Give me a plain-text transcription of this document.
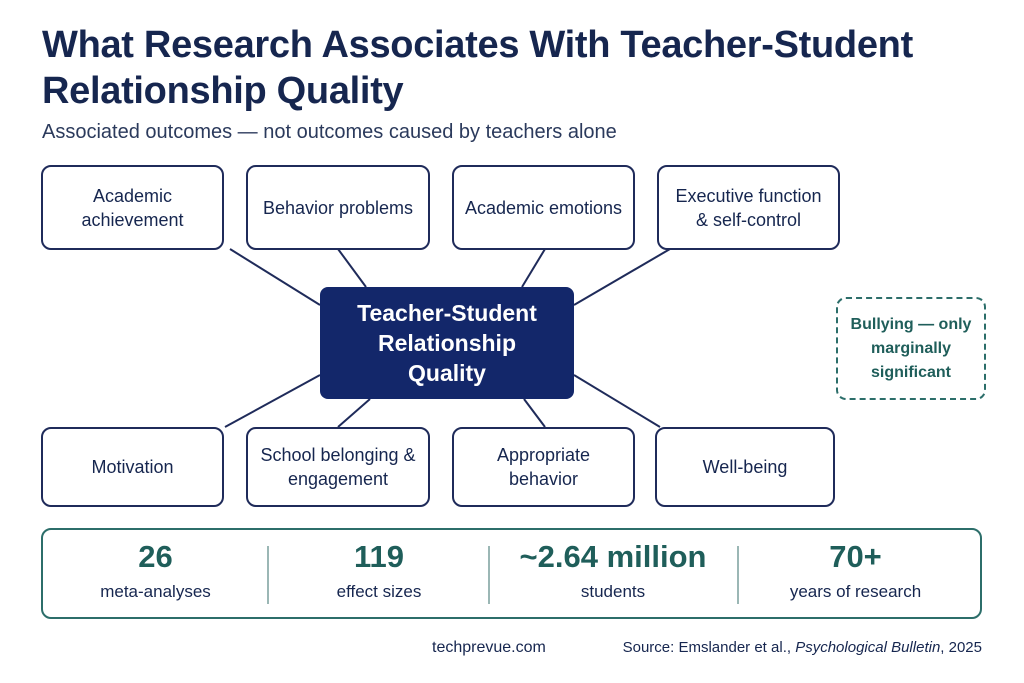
What Research Associates With Teacher-Student Relationship Quality
Associated outcomes — not outcomes caused by teachers alone
Academic achievement
Behavior problems	Academic emotions
Executive function & self-control
Teacher-Student Relationship Quality
Bullying — only marginally significant
Motivation
School belonging & engagement
Appropriate behavior
Well-being
26
meta-analyses
119
effect sizes
~2.64 million
students
70+
years of research
techprevue.com	Source: Emslander et al., Psychological Bulletin, 2025
